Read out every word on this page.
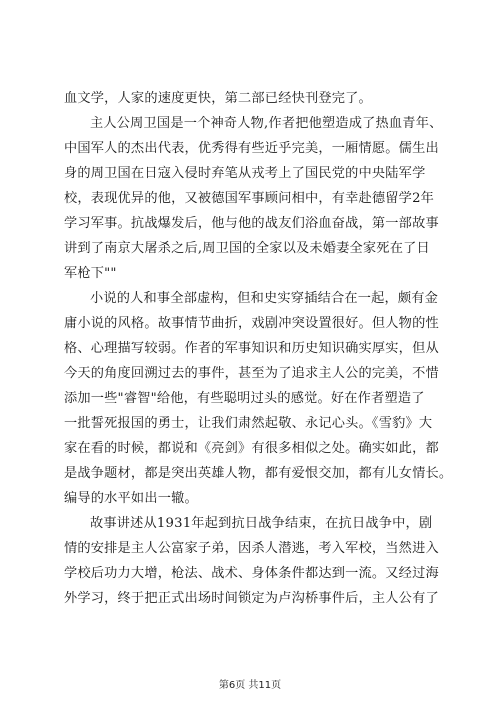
血文学，人家的速度更快，第二部已经快刊登完了。
主人公周卫国是一个神奇人物,作者把他塑造成了热血青年、
中国军人的杰出代表，优秀得有些近乎完美，一厢情愿。儒生出
身的周卫国在日寇入侵时弃笔从戎考上了国民党的中央陆军学
校，表现优异的他，又被德国军事顾问相中，有幸赴德留学2年
学习军事。抗战爆发后，他与他的战友们浴血奋战，第一部故事
讲到了南京大屠杀之后,周卫国的全家以及未婚妻全家死在了日
军枪下""
小说的人和事全部虚构，但和史实穿插结合在一起，颇有金
庸小说的风格。故事情节曲折，戏剧冲突设置很好。但人物的性
格、心理描写较弱。作者的军事知识和历史知识确实厚实，但从
今天的角度回溯过去的事件，甚至为了追求主人公的完美，不惜
添加一些"睿智"给他，有些聪明过头的感觉。好在作者塑造了
一批誓死报国的勇士，让我们肃然起敬、永记心头。《雪豹》大
家在看的时候，都说和《亮剑》有很多相似之处。确实如此，都
是战争题材，都是突出英雄人物，都有爱恨交加，都有儿女情长。
编导的水平如出一辙。
故事讲述从1931年起到抗日战争结束，在抗日战争中，剧
情的安排是主人公富家子弟，因杀人潜逃，考入军校，当然进入
学校后功力大增，枪法、战术、身体条件都达到一流。又经过海
外学习，终于把正式出场时间锁定为卢沟桥事件后，主人公有了
第6页 共11页
